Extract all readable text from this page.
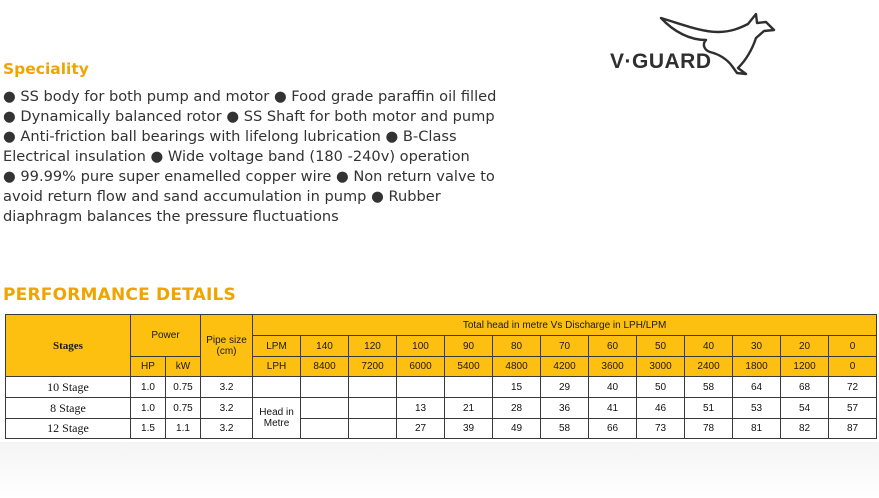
V·GUARD
Speciality
● SS body for both pump and motor ● Food grade paraffin oil filled
● Dynamically balanced rotor ● SS Shaft for both motor and pump
● Anti-friction ball bearings with lifelong lubrication ● B-Class
Electrical insulation ● Wide voltage band (180 -240v) operation
● 99.99% pure super enamelled copper wire ● Non return valve to
avoid return flow and sand accumulation in pump ● Rubber
diaphragm balances the pressure fluctuations
PERFORMANCE DETAILS
Stages	Power		Pipe size (cm)	Total head in metre Vs Discharge in LPH/LPM												
				LPM	140	120	100	90	80	70	60	50	40	30	20	0
	HP	kW		LPH	8400	7200	6000	5400	4800	4200	3600	3000	2400	1800	1200	0
10 Stage	1.0	0.75	3.2						15	29	40	50	58	64	68	72
8 Stage	1.0	0.75	3.2	Head in Metre			13	21	28	36	41	46	51	53	54	57
12 Stage	1.5	1.1	3.2				27	39	49	58	66	73	78	81	82	87
